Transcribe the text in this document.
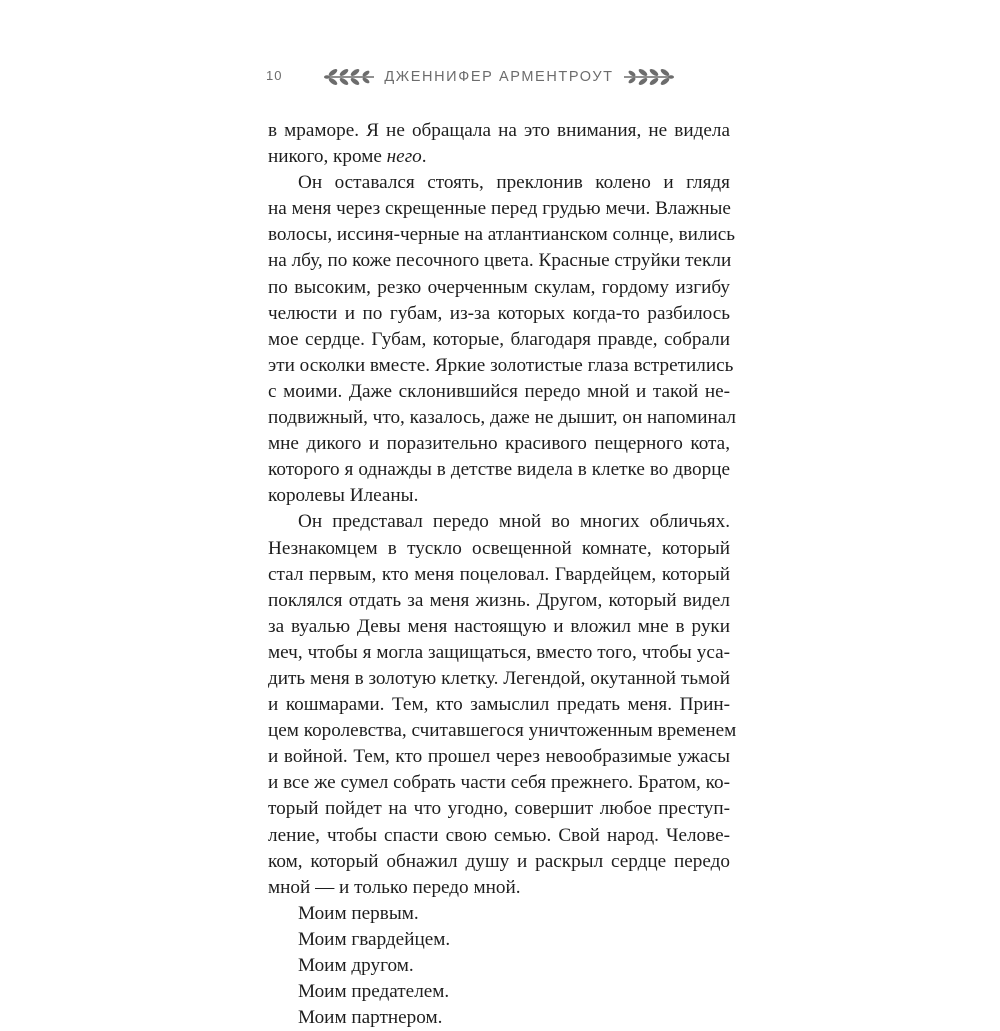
10	ДЖЕННИФЕР АРМЕНТРОУТ
в мраморе. Я не обращала на это внимания, не видела
никого, кроме него.
Он оставался стоять, преклонив колено и глядя
на меня через скрещенные перед грудью мечи. Влажные
волосы, иссиня-черные на атлантианском солнце, вились
на лбу, по коже песочного цвета. Красные струйки текли
по высоким, резко очерченным скулам, гордому изгибу
челюсти и по губам, из-за которых когда-то разбилось
мое сердце. Губам, которые, благодаря правде, собрали
эти осколки вместе. Яркие золотистые глаза встретились
с моими. Даже склонившийся передо мной и такой не-
подвижный, что, казалось, даже не дышит, он напоминал
мне дикого и поразительно красивого пещерного кота,
которого я однажды в детстве видела в клетке во дворце
королевы Илеаны.
Он представал передо мной во многих обличьях.
Незнакомцем в тускло освещенной комнате, который
стал первым, кто меня поцеловал. Гвардейцем, который
поклялся отдать за меня жизнь. Другом, который видел
за вуалью Девы меня настоящую и вложил мне в руки
меч, чтобы я могла защищаться, вместо того, чтобы уса-
дить меня в золотую клетку. Легендой, окутанной тьмой
и кошмарами. Тем, кто замыслил предать меня. Прин-
цем королевства, считавшегося уничтоженным временем
и войной. Тем, кто прошел через невообразимые ужасы
и все же сумел собрать части себя прежнего. Братом, ко-
торый пойдет на что угодно, совершит любое преступ-
ление, чтобы спасти свою семью. Свой народ. Челове-
ком, который обнажил душу и раскрыл сердце передо
мной — и только передо мной.
Моим первым.
Моим гвардейцем.
Моим другом.
Моим предателем.
Моим партнером.
